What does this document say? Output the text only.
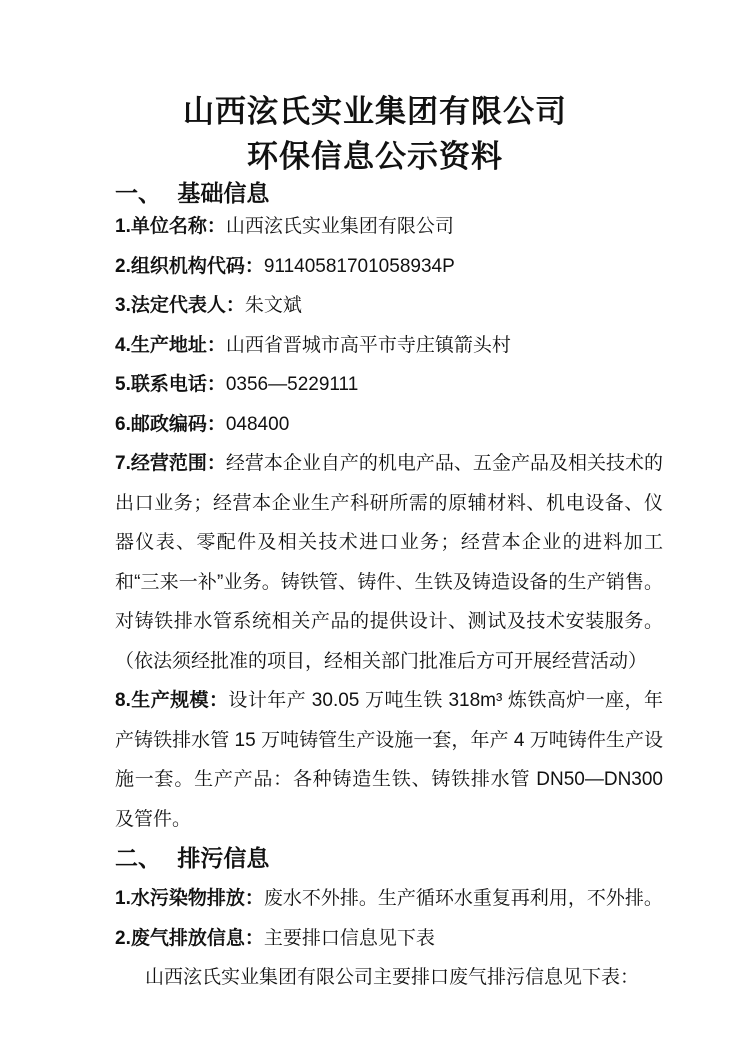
山西泫氏实业集团有限公司
环保信息公示资料
一、 基础信息

1.单位名称：山西泫氏实业集团有限公司

2.组织机构代码：91140581701058934P

3.法定代表人：朱文斌

4.生产地址：山西省晋城市高平市寺庄镇箭头村

5.联系电话：0356—5229111

6.邮政编码：048400

7.经营范围：经营本企业自产的机电产品、五金产品及相关技术的出口业务；经营本企业生产科研所需的原辅材料、机电设备、仪器仪表、零配件及相关技术进口业务；经营本企业的进料加工和“三来一补”业务。铸铁管、铸件、生铁及铸造设备的生产销售。对铸铁排水管系统相关产品的提供设计、测试及技术安装服务。（依法须经批准的项目，经相关部门批准后方可开展经营活动）

8.生产规模：设计年产 30.05 万吨生铁 318m³ 炼铁高炉一座，年产铸铁排水管 15 万吨铸管生产设施一套，年产 4 万吨铸件生产设施一套。生产产品：各种铸造生铁、铸铁排水管 DN50—DN300 及管件。

二、 排污信息

1.水污染物排放：废水不外排。生产循环水重复再利用，不外排。

2.废气排放信息：主要排口信息见下表

山西泫氏实业集团有限公司主要排口废气排污信息见下表：
